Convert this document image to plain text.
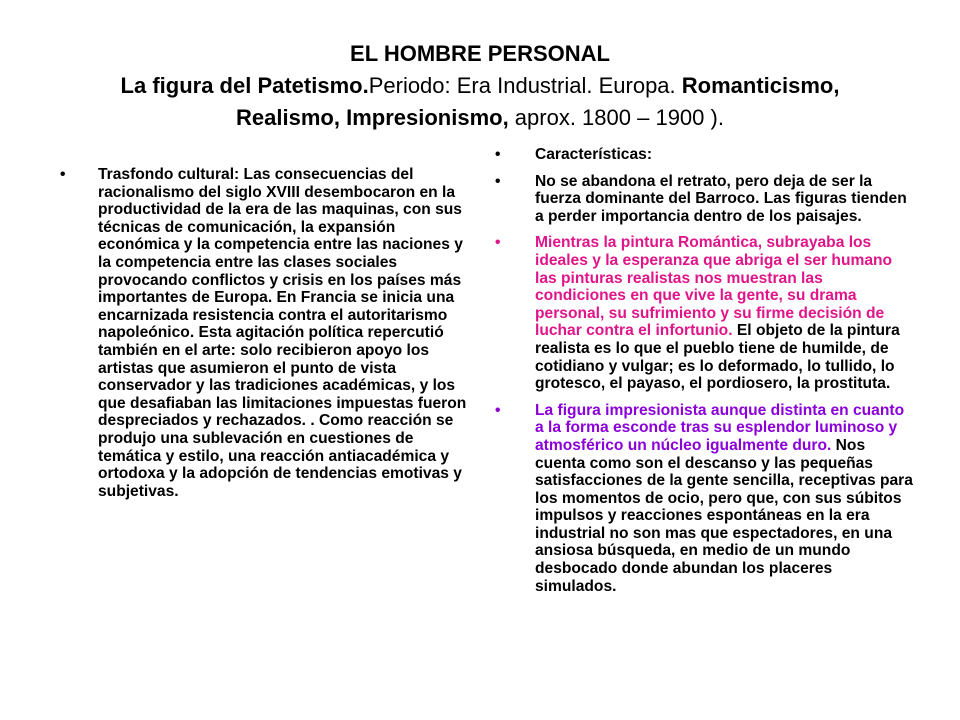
EL HOMBRE PERSONAL
La figura del Patetismo.Periodo: Era Industrial. Europa. Romanticismo,
Realismo, Impresionismo, aprox. 1800 – 1900 ).
• Trasfondo cultural: Las consecuencias del racionalismo del siglo XVIII desembocaron en la productividad de la era de las maquinas, con sus técnicas de comunicación, la expansión económica y la competencia entre las naciones y la competencia entre las clases sociales provocando conflictos y crisis en los países más importantes de Europa. En Francia se inicia una encarnizada resistencia contra el autoritarismo napoleónico. Esta agitación política repercutió también en el arte: solo recibieron apoyo los artistas que asumieron el punto de vista conservador y las tradiciones académicas, y los que desafiaban las limitaciones impuestas fueron despreciados y rechazados. . Como reacción se produjo una sublevación en cuestiones de temática y estilo, una reacción antiacadémica y ortodoxa y la adopción de tendencias emotivas y subjetivas.
• Características:
• No se abandona el retrato, pero deja de ser la fuerza dominante del Barroco. Las figuras tienden a perder importancia dentro de los paisajes.
• Mientras la pintura Romántica, subrayaba los ideales y la esperanza que abriga el ser humano las pinturas realistas nos muestran las condiciones en que vive la gente, su drama personal, su sufrimiento y su firme decisión de luchar contra el infortunio. El objeto de la pintura realista es lo que el pueblo tiene de humilde, de cotidiano y vulgar; es lo deformado, lo tullido, lo grotesco, el payaso, el pordiosero, la prostituta.
• La figura impresionista aunque distinta en cuanto a la forma esconde tras su esplendor luminoso y atmosférico un núcleo igualmente duro. Nos cuenta como son el descanso y las pequeñas satisfacciones de la gente sencilla, receptivas para los momentos de ocio, pero que, con sus súbitos impulsos y reacciones espontáneas en la era industrial no son mas que espectadores, en una ansiosa búsqueda, en medio de un mundo desbocado donde abundan los placeres simulados.
